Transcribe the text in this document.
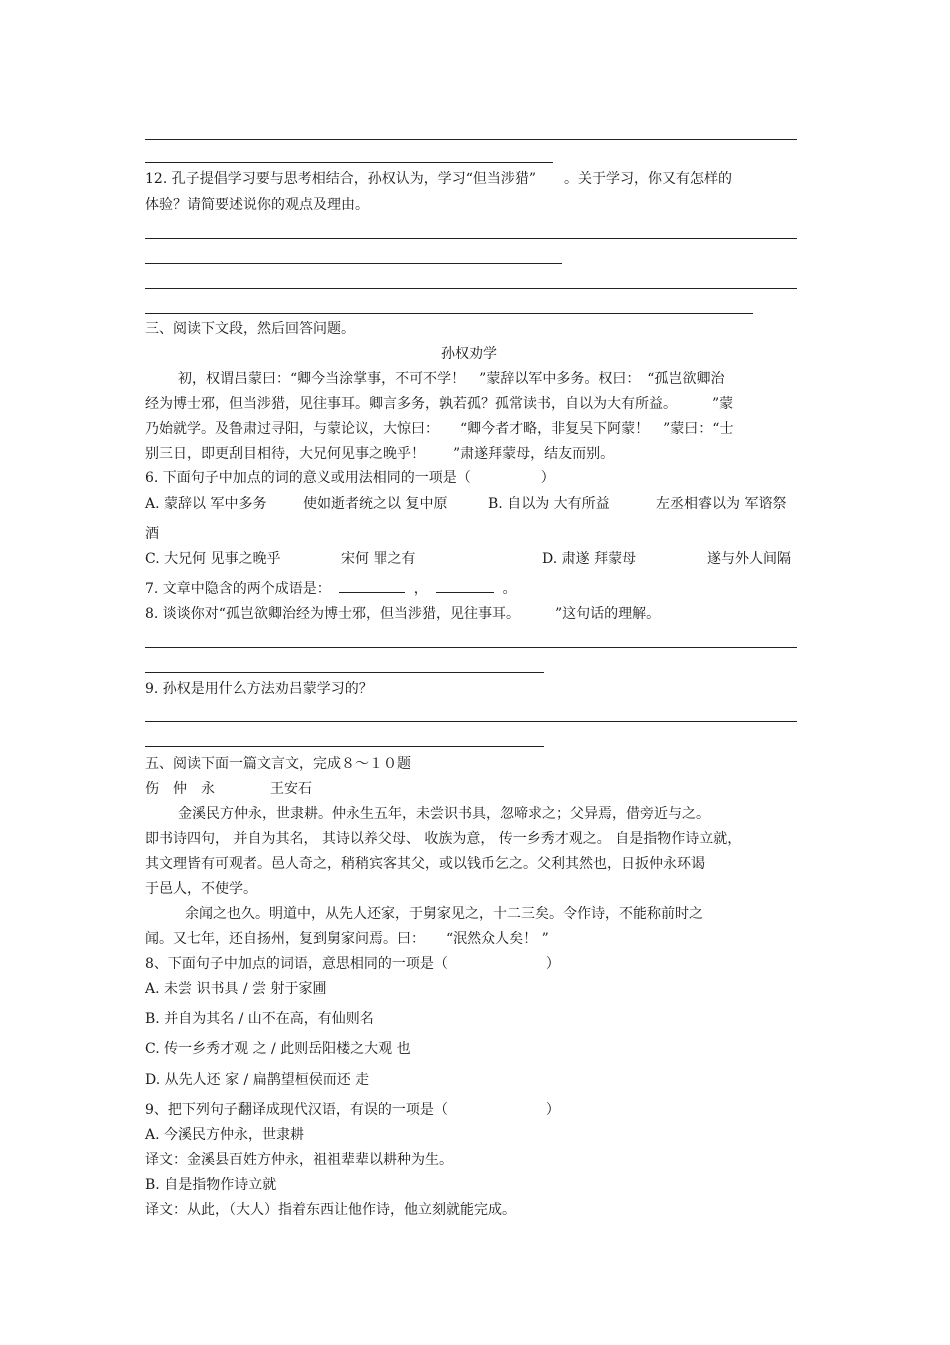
12. 孔子提倡学习要与思考相结合，孙权认为，学习“但当涉猎”　　。关于学习，你又有怎样的
体验？请简要述说你的观点及理由。
三、阅读下文段，然后回答问题。
孙权劝学
初，权谓吕蒙曰：“卿今当涂掌事，不可不学！　”蒙辞以军中多务。权曰：　“孤岂欲卿治
经为博士邪，但当涉猎，见往事耳。卿言多务，孰若孤？孤常读书，自以为大有所益。　　　”蒙
乃始就学。及鲁肃过寻阳，与蒙论议，大惊曰：　　“卿今者才略，非复吴下阿蒙！　”蒙曰：“士
别三日，即更刮目相待，大兄何见事之晚乎！　　”肃遂拜蒙母，结友而别。
6. 下面句子中加点的词的意义或用法相同的一项是（　　　　　）
A. 蒙辞以 军中多务	使如逝者统之以 复中原	B. 自以为 大有所益	左丞相睿以为 军谘祭
酒
C. 大兄何 见事之晚乎	宋何 罪之有	D. 肃遂 拜蒙母	遂与外人间隔
7. 文章中隐含的两个成语是：	，	。
8. 谈谈你对“孤岂欲卿治经为博士邪，但当涉猎，见往事耳。　　　”这句话的理解。
9. 孙权是用什么方法劝吕蒙学习的？
五、阅读下面一篇文言文，完成８～１０题
伤　仲　永	王安石
金溪民方仲永，世隶耕。仲永生五年，未尝识书具，忽啼求之；父异焉，借旁近与之。
即书诗四句， 并自为其名， 其诗以养父母、 收族为意， 传一乡秀才观之。 自是指物作诗立就，
其文理皆有可观者。邑人奇之，稍稍宾客其父，或以钱币乞之。父利其然也，日扳仲永环谒
于邑人，不使学。
余闻之也久。明道中，从先人还家，于舅家见之，十二三矣。令作诗，不能称前时之
闻。又七年，还自扬州，复到舅家问焉。曰：　　“泯然众人矣！ ”
8、下面句子中加点的词语，意思相同的一项是（　　　　　　　）
A. 未尝 识书具 / 尝 射于家圃
B. 并自为其名 / 山不在高，有仙则名
C. 传一乡秀才观 之 / 此则岳阳楼之大观 也
D. 从先人还 家 / 扁鹊望桓侯而还 走
9、把下列句子翻译成现代汉语，有误的一项是（　　　　　　　）
A. 今溪民方仲永，世隶耕
译文：金溪县百姓方仲永，祖祖辈辈以耕种为生。
B. 自是指物作诗立就
译文：从此，（大人）指着东西让他作诗，他立刻就能完成。
